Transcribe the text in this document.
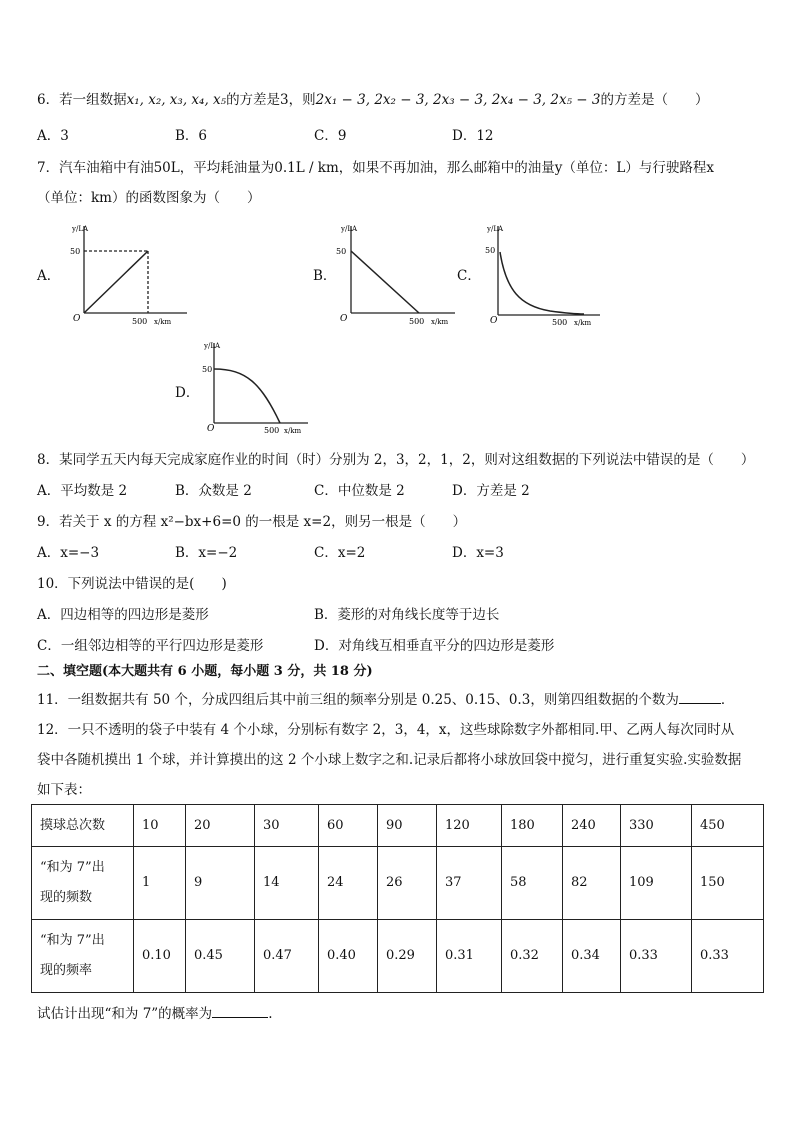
6．若一组数据x₁, x₂, x₃, x₄, x₅的方差是3，则2x₁ − 3, 2x₂ − 3, 2x₃ − 3, 2x₄ − 3, 2x₅ − 3的方差是（　　）
A．3	B．6	C．9	D．12
7．汽车油箱中有油50L，平均耗油量为0.1L / km，如果不再加油，那么邮箱中的油量y（单位：L）与行驶路程x
（单位：km）的函数图象为（　　）
A．	B．	C．
D．
y/LA
50
O	500 x/km
y/LA
50
O	500 x/km
y/LA
50
O	500 x/km
y/LA
50
O	500 x/km
8．某同学五天内每天完成家庭作业的时间（时）分别为 2，3，2，1，2，则对这组数据的下列说法中错误的是（　　）
A．平均数是 2	B．众数是 2	C．中位数是 2	D．方差是 2
9．若关于 x 的方程 x²−bx+6=0 的一根是 x=2，则另一根是（　　）
A．x=−3	B．x=−2	C．x=2	D．x=3
10．下列说法中错误的是(　　)
A．四边相等的四边形是菱形	B．菱形的对角线长度等于边长
C．一组邻边相等的平行四边形是菱形	D．对角线互相垂直平分的四边形是菱形
二、填空题(本大题共有 6 小题，每小题 3 分，共 18 分)
11．一组数据共有 50 个，分成四组后其中前三组的频率分别是 0.25、0.15、0.3，则第四组数据的个数为	．
12．一只不透明的袋子中装有 4 个小球，分别标有数字 2，3，4，x，这些球除数字外都相同.甲、乙两人每次同时从
袋中各随机摸出 1 个球，并计算摸出的这 2 个小球上数字之和.记录后都将小球放回袋中搅匀，进行重复实验.实验数据
如下表：
摸球总次数	10	20	30	60	90	120	180	240	330	450
“和为 7”出现的频数	1	9	14	24	26	37	58	82	109	150
“和为 7”出现的频率	0.10	0.45	0.47	0.40	0.29	0.31	0.32	0.34	0.33	0.33
试估计出现“和为 7”的概率为	.
